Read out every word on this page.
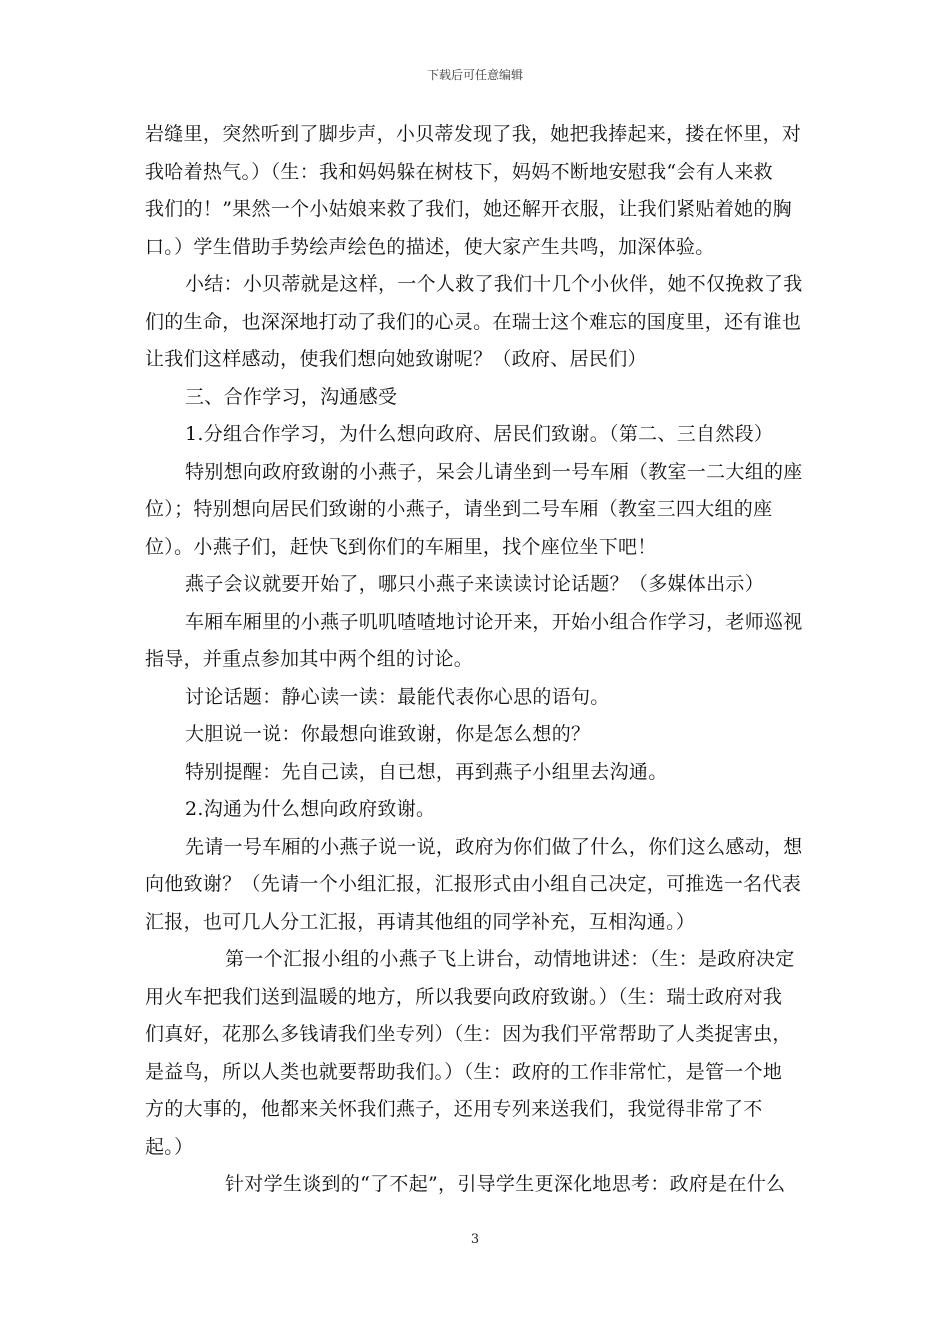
下载后可任意编辑
岩缝里，突然听到了脚步声，小贝蒂发现了我，她把我捧起来，搂在怀里，对
我哈着热气。）（生：我和妈妈躲在树枝下，妈妈不断地安慰我“会有人来救
我们的！”果然一个小姑娘来救了我们，她还解开衣服，让我们紧贴着她的胸
口。）学生借助手势绘声绘色的描述，使大家产生共鸣，加深体验。
小结：小贝蒂就是这样，一个人救了我们十几个小伙伴，她不仅挽救了我
们的生命，也深深地打动了我们的心灵。在瑞士这个难忘的国度里，还有谁也
让我们这样感动，使我们想向她致谢呢？（政府、居民们）
三、合作学习，沟通感受
1.分组合作学习，为什么想向政府、居民们致谢。（第二、三自然段）
特别想向政府致谢的小燕子，呆会儿请坐到一号车厢（教室一二大组的座
位）；特别想向居民们致谢的小燕子，请坐到二号车厢（教室三四大组的座
位）。小燕子们，赶快飞到你们的车厢里，找个座位坐下吧！
燕子会议就要开始了，哪只小燕子来读读讨论话题？（多媒体出示）
车厢车厢里的小燕子叽叽喳喳地讨论开来，开始小组合作学习，老师巡视
指导，并重点参加其中两个组的讨论。
讨论话题：静心读一读：最能代表你心思的语句。
大胆说一说：你最想向谁致谢，你是怎么想的？
特别提醒：先自己读，自已想，再到燕子小组里去沟通。
2.沟通为什么想向政府致谢。
先请一号车厢的小燕子说一说，政府为你们做了什么，你们这么感动，想
向他致谢？（先请一个小组汇报，汇报形式由小组自己决定，可推选一名代表
汇报，也可几人分工汇报，再请其他组的同学补充，互相沟通。）
第一个汇报小组的小燕子飞上讲台，动情地讲述：（生：是政府决定
用火车把我们送到温暖的地方，所以我要向政府致谢。）（生：瑞士政府对我
们真好，花那么多钱请我们坐专列）（生：因为我们平常帮助了人类捉害虫，
是益鸟，所以人类也就要帮助我们。）（生：政府的工作非常忙，是管一个地
方的大事的，他都来关怀我们燕子，还用专列来送我们，我觉得非常了不
起。）
针对学生谈到的“了不起”，引导学生更深化地思考：政府是在什么
3
